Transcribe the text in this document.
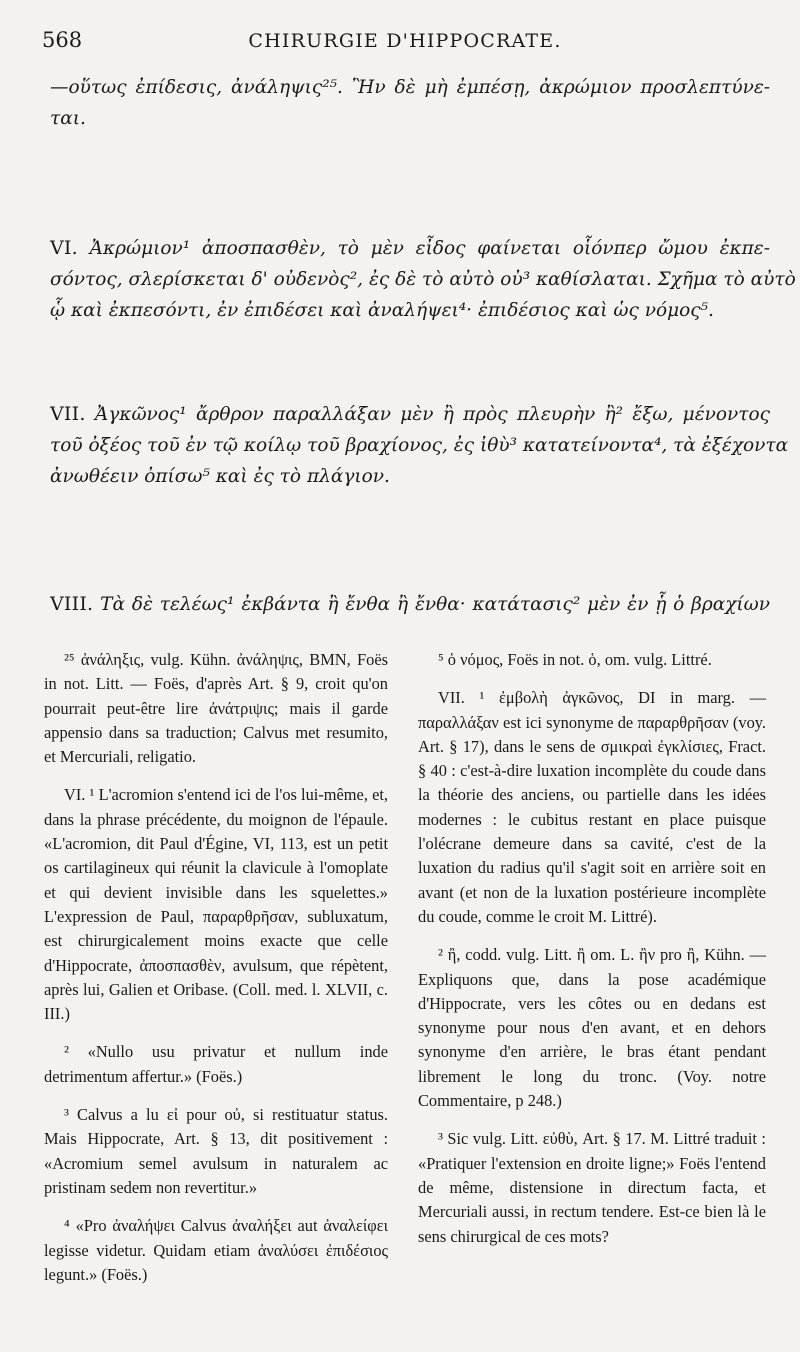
568	CHIRURGIE D'HIPPOCRATE.
—οὕτως ἐπίδεσις, ἀνάληψις²⁵. Ἢν δὲ μὴ ἐμπέσῃ, ἀκρώμιον προσλεπτύνε-
ται.
VI. Ἀκρώμιον¹ ἀποσπασθὲν, τὸ μὲν εἶδος φαίνεται οἷόνπερ ὤμου ἐκπε-
σόντος, σλερίσκεται δ' οὐδενὸς², ἐς δὲ τὸ αὐτὸ οὐ³ καθίσλαται. Σχῆμα τὸ αὐτὸ
ᾧ καὶ ἐκπεσόντι, ἐν ἐπιδέσει καὶ ἀναλήψει⁴· ἐπιδέσιος καὶ ὡς νόμος⁵.
VII. Ἀγκῶνος¹ ἄρθρον παραλλάξαν μὲν ἢ πρὸς πλευρὴν ἢ² ἔξω, μένοντος
τοῦ ὀξέος τοῦ ἐν τῷ κοίλῳ τοῦ βραχίονος, ἐς ἰθὺ³ κατατείνοντα⁴, τὰ ἐξέχοντα
ἀνωθέειν ὀπίσω⁵ καὶ ἐς τὸ πλάγιον.
VIII. Τὰ δὲ τελέως¹ ἐκβάντα ἢ ἔνθα ἢ ἔνθα· κατάτασις² μὲν ἐν ᾗ ὁ βραχίων

²⁵ ἀνάληξις, vulg. Kühn. ἀνάληψις, BMN, Foës in not. Litt. — Foës, d'après Art. § 9, croit qu'on pourrait peut-être lire ἀνάτριψις; mais il garde appensio dans sa traduction; Calvus met resumito, et Mercuriali, religatio.

VI. ¹ L'acromion s'entend ici de l'os lui-même, et, dans la phrase précédente, du moignon de l'épaule. «L'acromion, dit Paul d'Égine, VI, 113, est un petit os cartilagineux qui réunit la clavicule à l'omoplate et qui devient invisible dans les squelettes.» L'expression de Paul, παραρθρῆσαν, subluxatum, est chirurgicalement moins exacte que celle d'Hippocrate, ἀποσπασθὲν, avulsum, que répètent, après lui, Galien et Oribase. (Coll. med. l. XLVII, c. III.)

² «Nullo usu privatur et nullum inde detrimentum affertur.» (Foës.)

³ Calvus a lu εἰ pour οὐ, si restituatur status. Mais Hippocrate, Art. § 13, dit positivement : «Acromium semel avulsum in naturalem ac pristinam sedem non revertitur.»

⁴ «Pro ἀναλήψει Calvus ἀναλήξει aut ἀναλείφει legisse videtur. Quidam etiam ἀναλύσει ἐπιδέσιος legunt.» (Foës.)

⁵ ὁ νόμος, Foës in not. ὁ, om. vulg. Littré.

VII. ¹ ἐμβολὴ ἀγκῶνος, DI in marg. — παραλλάξαν est ici synonyme de παραρθρῆσαν (voy. Art. § 17), dans le sens de σμικραὶ ἐγκλίσιες, Fract. § 40 : c'est-à-dire luxation incomplète du coude dans la théorie des anciens, ou partielle dans les idées modernes : le cubitus restant en place puisque l'olécrane demeure dans sa cavité, c'est de la luxation du radius qu'il s'agit soit en arrière soit en avant (et non de la luxation postérieure incomplète du coude, comme le croit M. Littré).

² ἢ, codd. vulg. Litt. ἢ om. L. ἢν pro ἢ, Kühn. — Expliquons que, dans la pose académique d'Hippocrate, vers les côtes ou en dedans est synonyme pour nous d'en avant, et en dehors synonyme d'en arrière, le bras étant pendant librement le long du tronc. (Voy. notre Commentaire, p 248.)

³ Sic vulg. Litt. εὐθὺ, Art. § 17. M. Littré traduit : «Pratiquer l'extension en droite ligne;» Foës l'entend de même, distensione in directum facta, et Mercuriali aussi, in rectum tendere. Est-ce bien là le sens chirurgical de ces mots?
